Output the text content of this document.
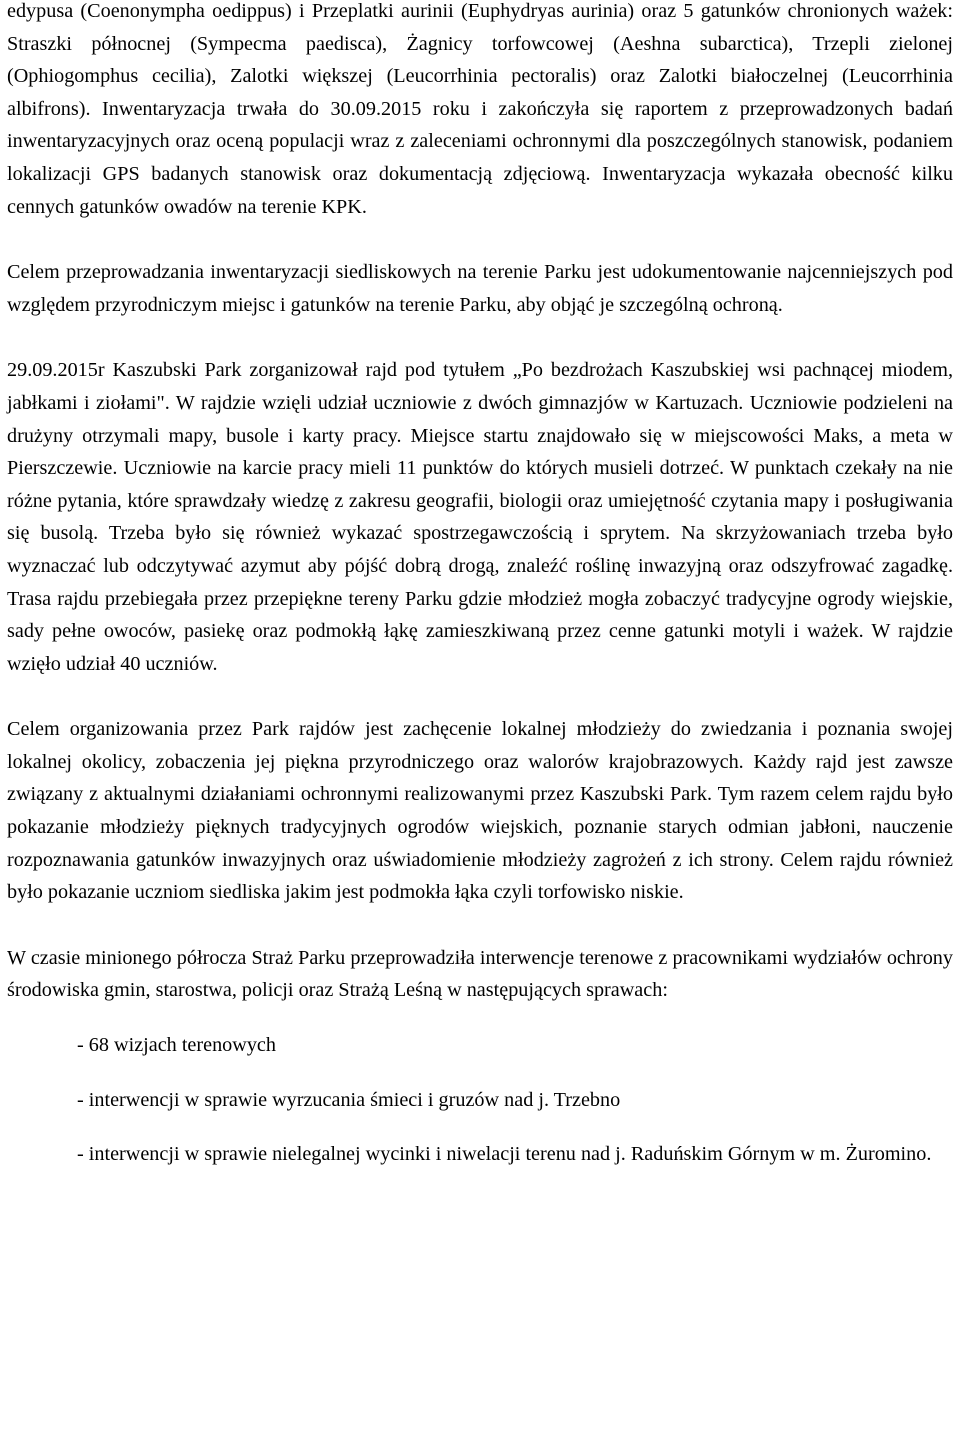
edypusa (Coenonympha oedippus) i Przeplatki aurinii (Euphydryas aurinia) oraz 5 gatunków chronionych ważek: Straszki północnej (Sympecma paedisca), Żagnicy torfowcowej (Aeshna subarctica), Trzepli zielonej (Ophiogomphus cecilia), Zalotki większej (Leucorrhinia pectoralis) oraz Zalotki białoczelnej (Leucorrhinia albifrons). Inwentaryzacja trwała do 30.09.2015 roku i zakończyła się raportem z przeprowadzonych badań inwentaryzacyjnych oraz oceną populacji wraz z zaleceniami ochronnymi dla poszczególnych stanowisk, podaniem lokalizacji GPS badanych stanowisk oraz dokumentacją zdjęciową. Inwentaryzacja wykazała obecność kilku cennych gatunków owadów na terenie KPK.

Celem przeprowadzania inwentaryzacji siedliskowych na terenie Parku jest udokumentowanie najcenniejszych pod względem przyrodniczym miejsc i gatunków na terenie Parku, aby objąć je szczególną ochroną.

29.09.2015r Kaszubski Park zorganizował rajd pod tytułem „Po bezdrożach Kaszubskiej wsi pachnącej miodem, jabłkami i ziołami". W rajdzie wzięli udział uczniowie z dwóch gimnazjów w Kartuzach. Uczniowie podzieleni na drużyny otrzymali mapy, busole i karty pracy. Miejsce startu znajdowało się w miejscowości Maks, a meta w Pierszczewie. Uczniowie na karcie pracy mieli 11 punktów do których musieli dotrzeć. W punktach czekały na nie różne pytania, które sprawdzały wiedzę z zakresu geografii, biologii oraz umiejętność czytania mapy i posługiwania się busolą. Trzeba było się również wykazać spostrzegawczością i sprytem. Na skrzyżowaniach trzeba było wyznaczać lub odczytywać azymut aby pójść dobrą drogą, znaleźć roślinę inwazyjną oraz odszyfrować zagadkę. Trasa rajdu przebiegała przez przepiękne tereny Parku gdzie młodzież mogła zobaczyć tradycyjne ogrody wiejskie, sady pełne owoców, pasiekę oraz podmokłą łąkę zamieszkiwaną przez cenne gatunki motyli i ważek. W rajdzie wzięło udział 40 uczniów.

Celem organizowania przez Park rajdów jest zachęcenie lokalnej młodzieży do zwiedzania i poznania swojej lokalnej okolicy, zobaczenia jej piękna przyrodniczego oraz walorów krajobrazowych. Każdy rajd jest zawsze związany z aktualnymi działaniami ochronnymi realizowanymi przez Kaszubski Park. Tym razem celem rajdu było pokazanie młodzieży pięknych tradycyjnych ogrodów wiejskich, poznanie starych odmian jabłoni, nauczenie rozpoznawania gatunków inwazyjnych oraz uświadomienie młodzieży zagrożeń z ich strony. Celem rajdu również było pokazanie uczniom siedliska jakim jest podmokła łąka czyli torfowisko niskie.

W czasie minionego półrocza Straż Parku przeprowadziła interwencje terenowe z pracownikami wydziałów ochrony środowiska gmin, starostwa, policji oraz Strażą Leśną w następujących sprawach:

- 68 wizjach terenowych

- interwencji w sprawie wyrzucania śmieci i gruzów nad j. Trzebno

- interwencji w sprawie nielegalnej wycinki i niwelacji terenu nad j. Raduńskim Górnym w m. Żuromino.
